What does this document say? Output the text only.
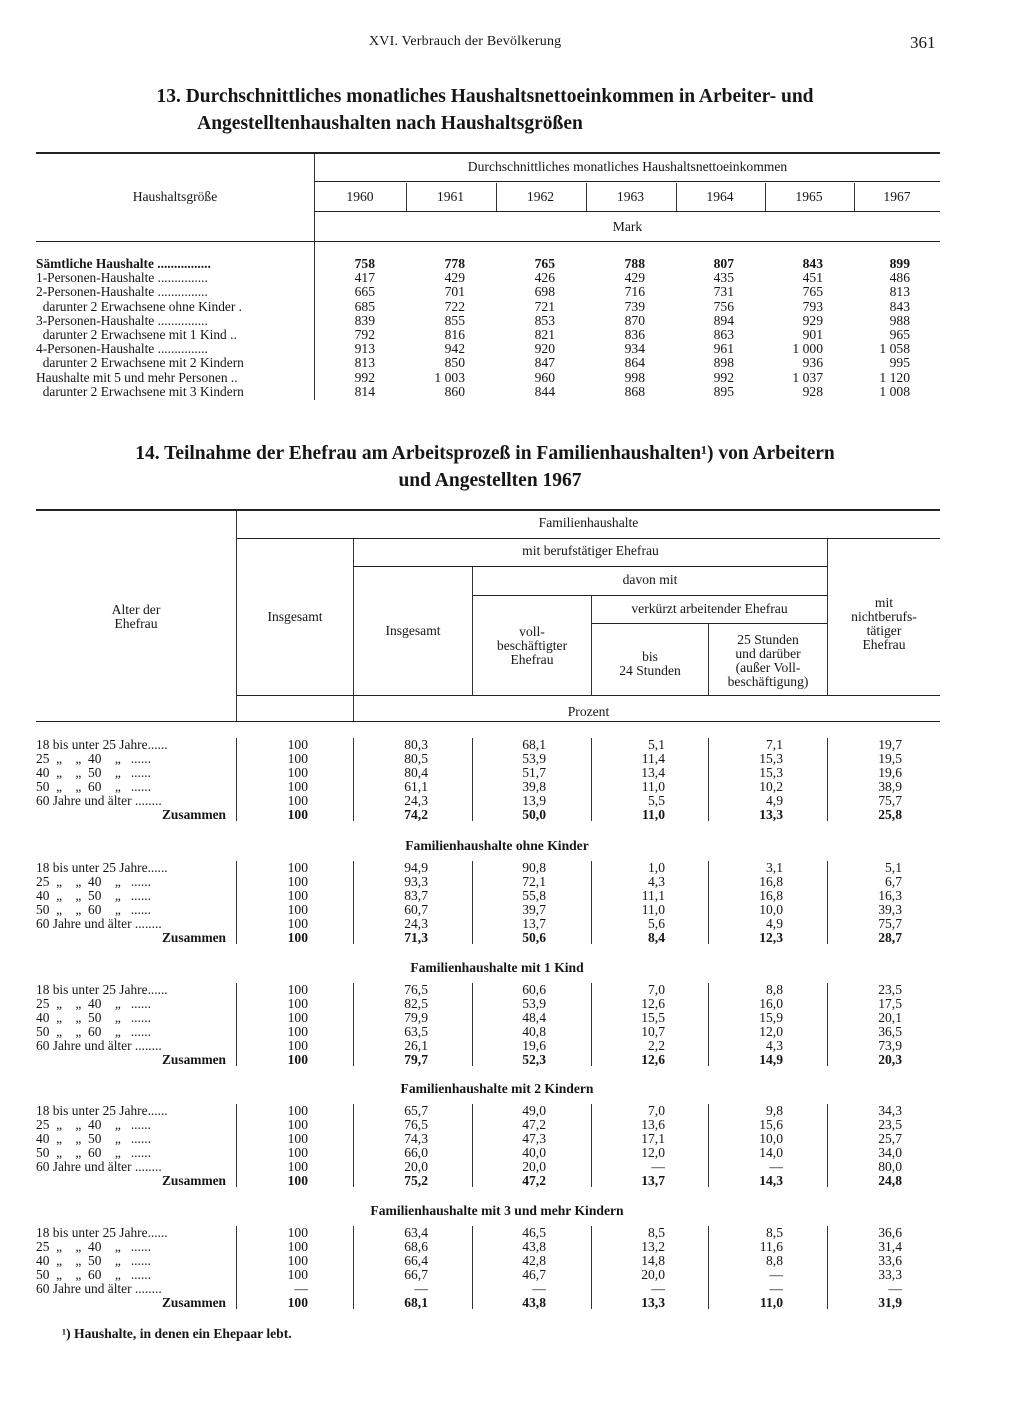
XVI. Verbrauch der Bevölkerung	361
13. Durchschnittliches monatliches Haushaltsnettoeinkommen in Arbeiter- und
Angestelltenhaushalten nach Haushaltsgrößen
Haushaltsgröße
Durchschnittliches monatliches Haushaltsnettoeinkommen
1960	1961	1962	1963	1964	1965	1967
Mark
Sämtliche Haushalte ................	758	778	765	788	807	843	899
1-Personen-Haushalte ...............	417	429	426	429	435	451	486
2-Personen-Haushalte ...............	665	701	698	716	731	765	813
darunter 2 Erwachsene ohne Kinder .	685	722	721	739	756	793	843
3-Personen-Haushalte ...............	839	855	853	870	894	929	988
darunter 2 Erwachsene mit 1 Kind ..	792	816	821	836	863	901	965
4-Personen-Haushalte ...............	913	942	920	934	961	1 000	1 058
darunter 2 Erwachsene mit 2 Kindern	813	850	847	864	898	936	995
Haushalte mit 5 und mehr Personen ..	992	1 003	960	998	992	1 037	1 120
darunter 2 Erwachsene mit 3 Kindern	814	860	844	868	895	928	1 008
14. Teilnahme der Ehefrau am Arbeitsprozeß in Familienhaushalten¹) von Arbeitern
und Angestellten 1967
Alter der
Ehefrau
Familienhaushalte
Insgesamt
mit berufstätiger Ehefrau
Insgesamt
davon mit
voll-
beschäftigter
Ehefrau
verkürzt arbeitender Ehefrau
bis
24 Stunden
25 Stunden
und darüber
(außer Voll-
beschäftigung)
mit
nichtberufs-
tätiger
Ehefrau
Prozent
18 bis unter 25 Jahre......	100	80,3	68,1	5,1	7,1	19,7
25  „    „  40    „   ......	100	80,5	53,9	11,4	15,3	19,5
40  „    „  50    „   ......	100	80,4	51,7	13,4	15,3	19,6
50  „    „  60    „   ......	100	61,1	39,8	11,0	10,2	38,9
60 Jahre und älter ........	100	24,3	13,9	5,5	4,9	75,7
Zusammen	100	74,2	50,0	11,0	13,3	25,8
Familienhaushalte ohne Kinder
18 bis unter 25 Jahre......	100	94,9	90,8	1,0	3,1	5,1
25  „    „  40    „   ......	100	93,3	72,1	4,3	16,8	6,7
40  „    „  50    „   ......	100	83,7	55,8	11,1	16,8	16,3
50  „    „  60    „   ......	100	60,7	39,7	11,0	10,0	39,3
60 Jahre und älter ........	100	24,3	13,7	5,6	4,9	75,7
Zusammen	100	71,3	50,6	8,4	12,3	28,7
Familienhaushalte mit 1 Kind
18 bis unter 25 Jahre......	100	76,5	60,6	7,0	8,8	23,5
25  „    „  40    „   ......	100	82,5	53,9	12,6	16,0	17,5
40  „    „  50    „   ......	100	79,9	48,4	15,5	15,9	20,1
50  „    „  60    „   ......	100	63,5	40,8	10,7	12,0	36,5
60 Jahre und älter ........	100	26,1	19,6	2,2	4,3	73,9
Zusammen	100	79,7	52,3	12,6	14,9	20,3
Familienhaushalte mit 2 Kindern
18 bis unter 25 Jahre......	100	65,7	49,0	7,0	9,8	34,3
25  „    „  40    „   ......	100	76,5	47,2	13,6	15,6	23,5
40  „    „  50    „   ......	100	74,3	47,3	17,1	10,0	25,7
50  „    „  60    „   ......	100	66,0	40,0	12,0	14,0	34,0
60 Jahre und älter ........	100	20,0	20,0	—	—	80,0
Zusammen	100	75,2	47,2	13,7	14,3	24,8
Familienhaushalte mit 3 und mehr Kindern
18 bis unter 25 Jahre......	100	63,4	46,5	8,5	8,5	36,6
25  „    „  40    „   ......	100	68,6	43,8	13,2	11,6	31,4
40  „    „  50    „   ......	100	66,4	42,8	14,8	8,8	33,6
50  „    „  60    „   ......	100	66,7	46,7	20,0	—	33,3
60 Jahre und älter ........	—	—	—	—	—	—
Zusammen	100	68,1	43,8	13,3	11,0	31,9
¹) Haushalte, in denen ein Ehepaar lebt.
